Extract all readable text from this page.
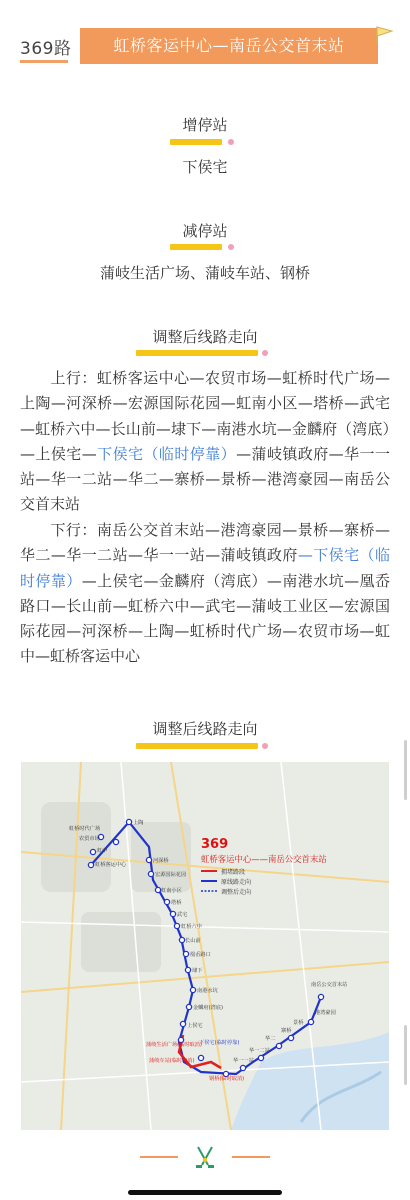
369路	虹桥客运中心—南岳公交首末站
增停站
下侯宅
减停站
蒲岐生活广场、蒲岐车站、钢桥
调整后线路走向
上行：虹桥客运中心—农贸市场—虹桥时代广场—上陶—河深桥—宏源国际花园—虹南小区—塔桥—武宅—虹桥六中—长山前—埭下—南港水坑—金麟府（湾底）—上侯宅—下侯宅（临时停靠）—蒲岐镇政府—华一一站—华一二站—华二—寨桥—景桥—港湾豪园—南岳公交首末站
下行：南岳公交首末站—港湾豪园—景桥—寨桥—华二—华一二站—华一一站—蒲岐镇政府—下侯宅（临时停靠）—上侯宅—金麟府（湾底）—南港水坑—凰岙路口—长山前—虹桥六中—武宅—蒲岐工业区—宏源国际花园—河深桥—上陶—虹桥时代广场—农贸市场—虹中—虹桥客运中心
调整后线路走向
虹桥时代广场
农贸市场
上陶
虹中
虹桥客运中心
河深桥
宏源国际花园
虹南小区
塔桥
武宅
虹桥六中
长山前
凰岙路口
埭下
南港水坑
金麟府(湾底)
上侯宅
下侯宅(临时停靠)
蒲岐生活广场(临时取消)
蒲岐车站(临时取消)
钢桥(临时取消)
华一一站
华一二站
华二
寨桥
景桥
港湾豪园
南岳公交首末站
369
虹桥客运中心——南岳公交首末站
拥堵路段
原线路走向
调整后走向
